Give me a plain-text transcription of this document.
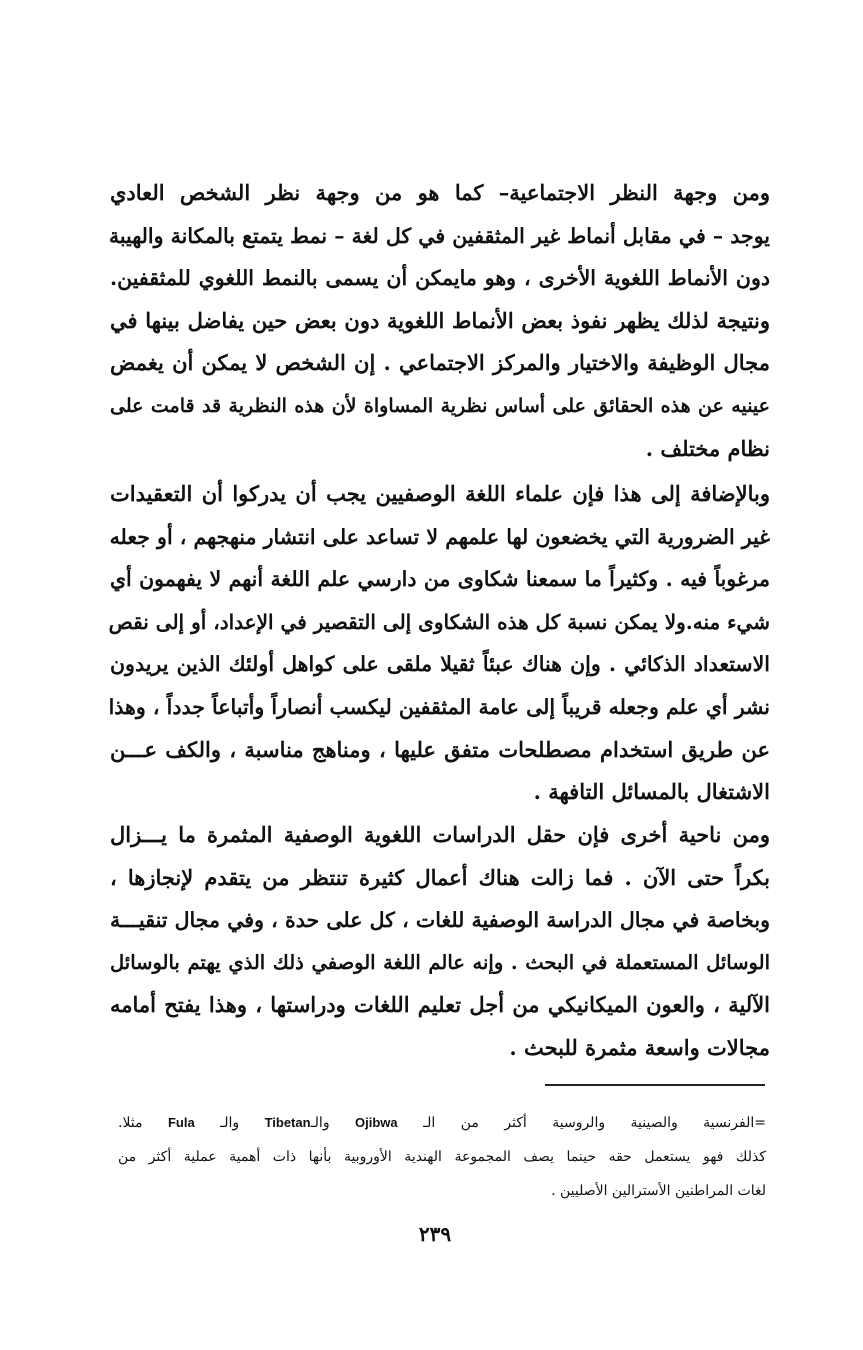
ومن وجهة النظر الاجتماعية– كما هو من وجهة نظر الشخص العادي
يوجد – في مقابل أنماط غير المثقفين في كل لغة – نمط يتمتع بالمكانة والهيبة
دون الأنماط اللغوية الأخرى ، وهو مايمكن أن يسمى بالنمط اللغوي للمثقفين.
ونتيجة لذلك يظهر نفوذ بعض الأنماط اللغوية دون بعض حين يفاضل بينها في
مجال الوظيفة والاختيار والمركز الاجتماعي . إن الشخص لا يمكن أن يغمض
عينيه عن هذه الحقائق على أساس نظرية المساواة لأن هذه النظرية قد قامت على
نظام مختلف .
وبالإضافة إلى هذا فإن علماء اللغة الوصفيين يجب أن يدركوا أن التعقيدات
غير الضرورية التي يخضعون لها علمهم لا تساعد على انتشار منهجهم ، أو جعله
مرغوباً فيه . وكثيراً ما سمعنا شكاوى من دارسي علم اللغة أنهم لا يفهمون أي
شيء منه.ولا يمكن نسبة كل هذه الشكاوى إلى التقصير في الإعداد، أو إلى نقص
الاستعداد الذكائي . وإن هناك عبئاً ثقيلا ملقى على كواهل أولئك الذين يريدون
نشر أي علم وجعله قريباً إلى عامة المثقفين ليكسب أنصاراً وأتباعاً جدداً ، وهذا
عن طريق استخدام مصطلحات متفق عليها ، ومناهج مناسبة ، والكف عـــن
الاشتغال بالمسائل التافهة .
ومن ناحية أخرى فإن حقل الدراسات اللغوية الوصفية المثمرة ما يـــزال
بكراً حتى الآن . فما زالت هناك أعمال كثيرة تنتظر من يتقدم لإنجازها ،
وبخاصة في مجال الدراسة الوصفية للغات ، كل على حدة ، وفي مجال تنقيـــة
الوسائل المستعملة في البحث . وإنه عالم اللغة الوصفي ذلك الذي يهتم بالوسائل
الآلية ، والعون الميكانيكي من أجل تعليم اللغات ودراستها ، وهذا يفتح أمامه
مجالات واسعة مثمرة للبحث .
=الفرنسية والصينية والروسية أكثر من الـ Ojibwa والـTibetan والـ Fula مثلا.
كذلك فهو يستعمل حقه حينما يصف المجموعة الهندية الأوروبية بأنها ذات أهمية عملية أكثر من
لغات المراطنين الأسترالين الأصليين .
٢٣٩
